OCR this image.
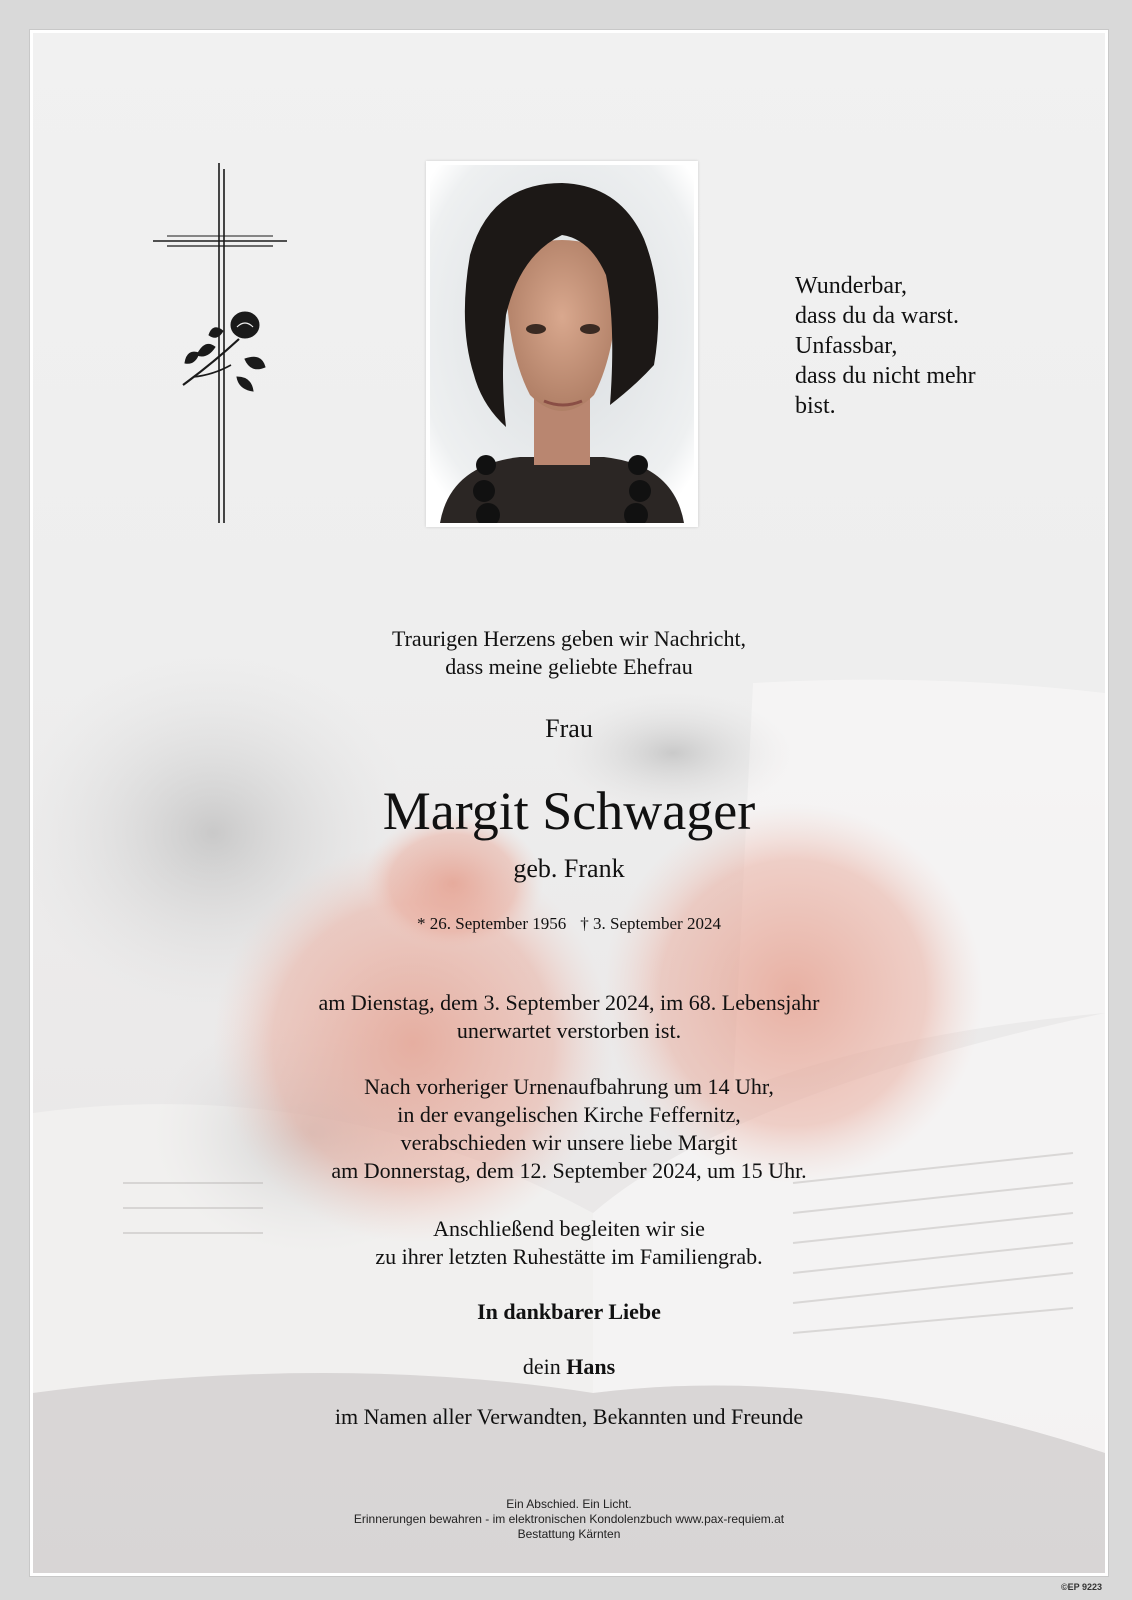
Wunderbar,
dass du da warst.
Unfassbar,
dass du nicht mehr
bist.
Traurigen Herzens geben wir Nachricht,
dass meine geliebte Ehefrau
Frau
Margit Schwager
geb. Frank
* 26. September 1956 † 3. September 2024
am Dienstag, dem 3. September 2024, im 68. Lebensjahr
unerwartet verstorben ist.
Nach vorheriger Urnenaufbahrung um 14 Uhr,
in der evangelischen Kirche Feffernitz,
verabschieden wir unsere liebe Margit
am Donnerstag, dem 12. September 2024, um 15 Uhr.
Anschließend begleiten wir sie
zu ihrer letzten Ruhestätte im Familiengrab.
In dankbarer Liebe
dein Hans
im Namen aller Verwandten, Bekannten und Freunde
Ein Abschied. Ein Licht.
Erinnerungen bewahren - im elektronischen Kondolenzbuch www.pax-requiem.at
Bestattung Kärnten
©EP 9223
